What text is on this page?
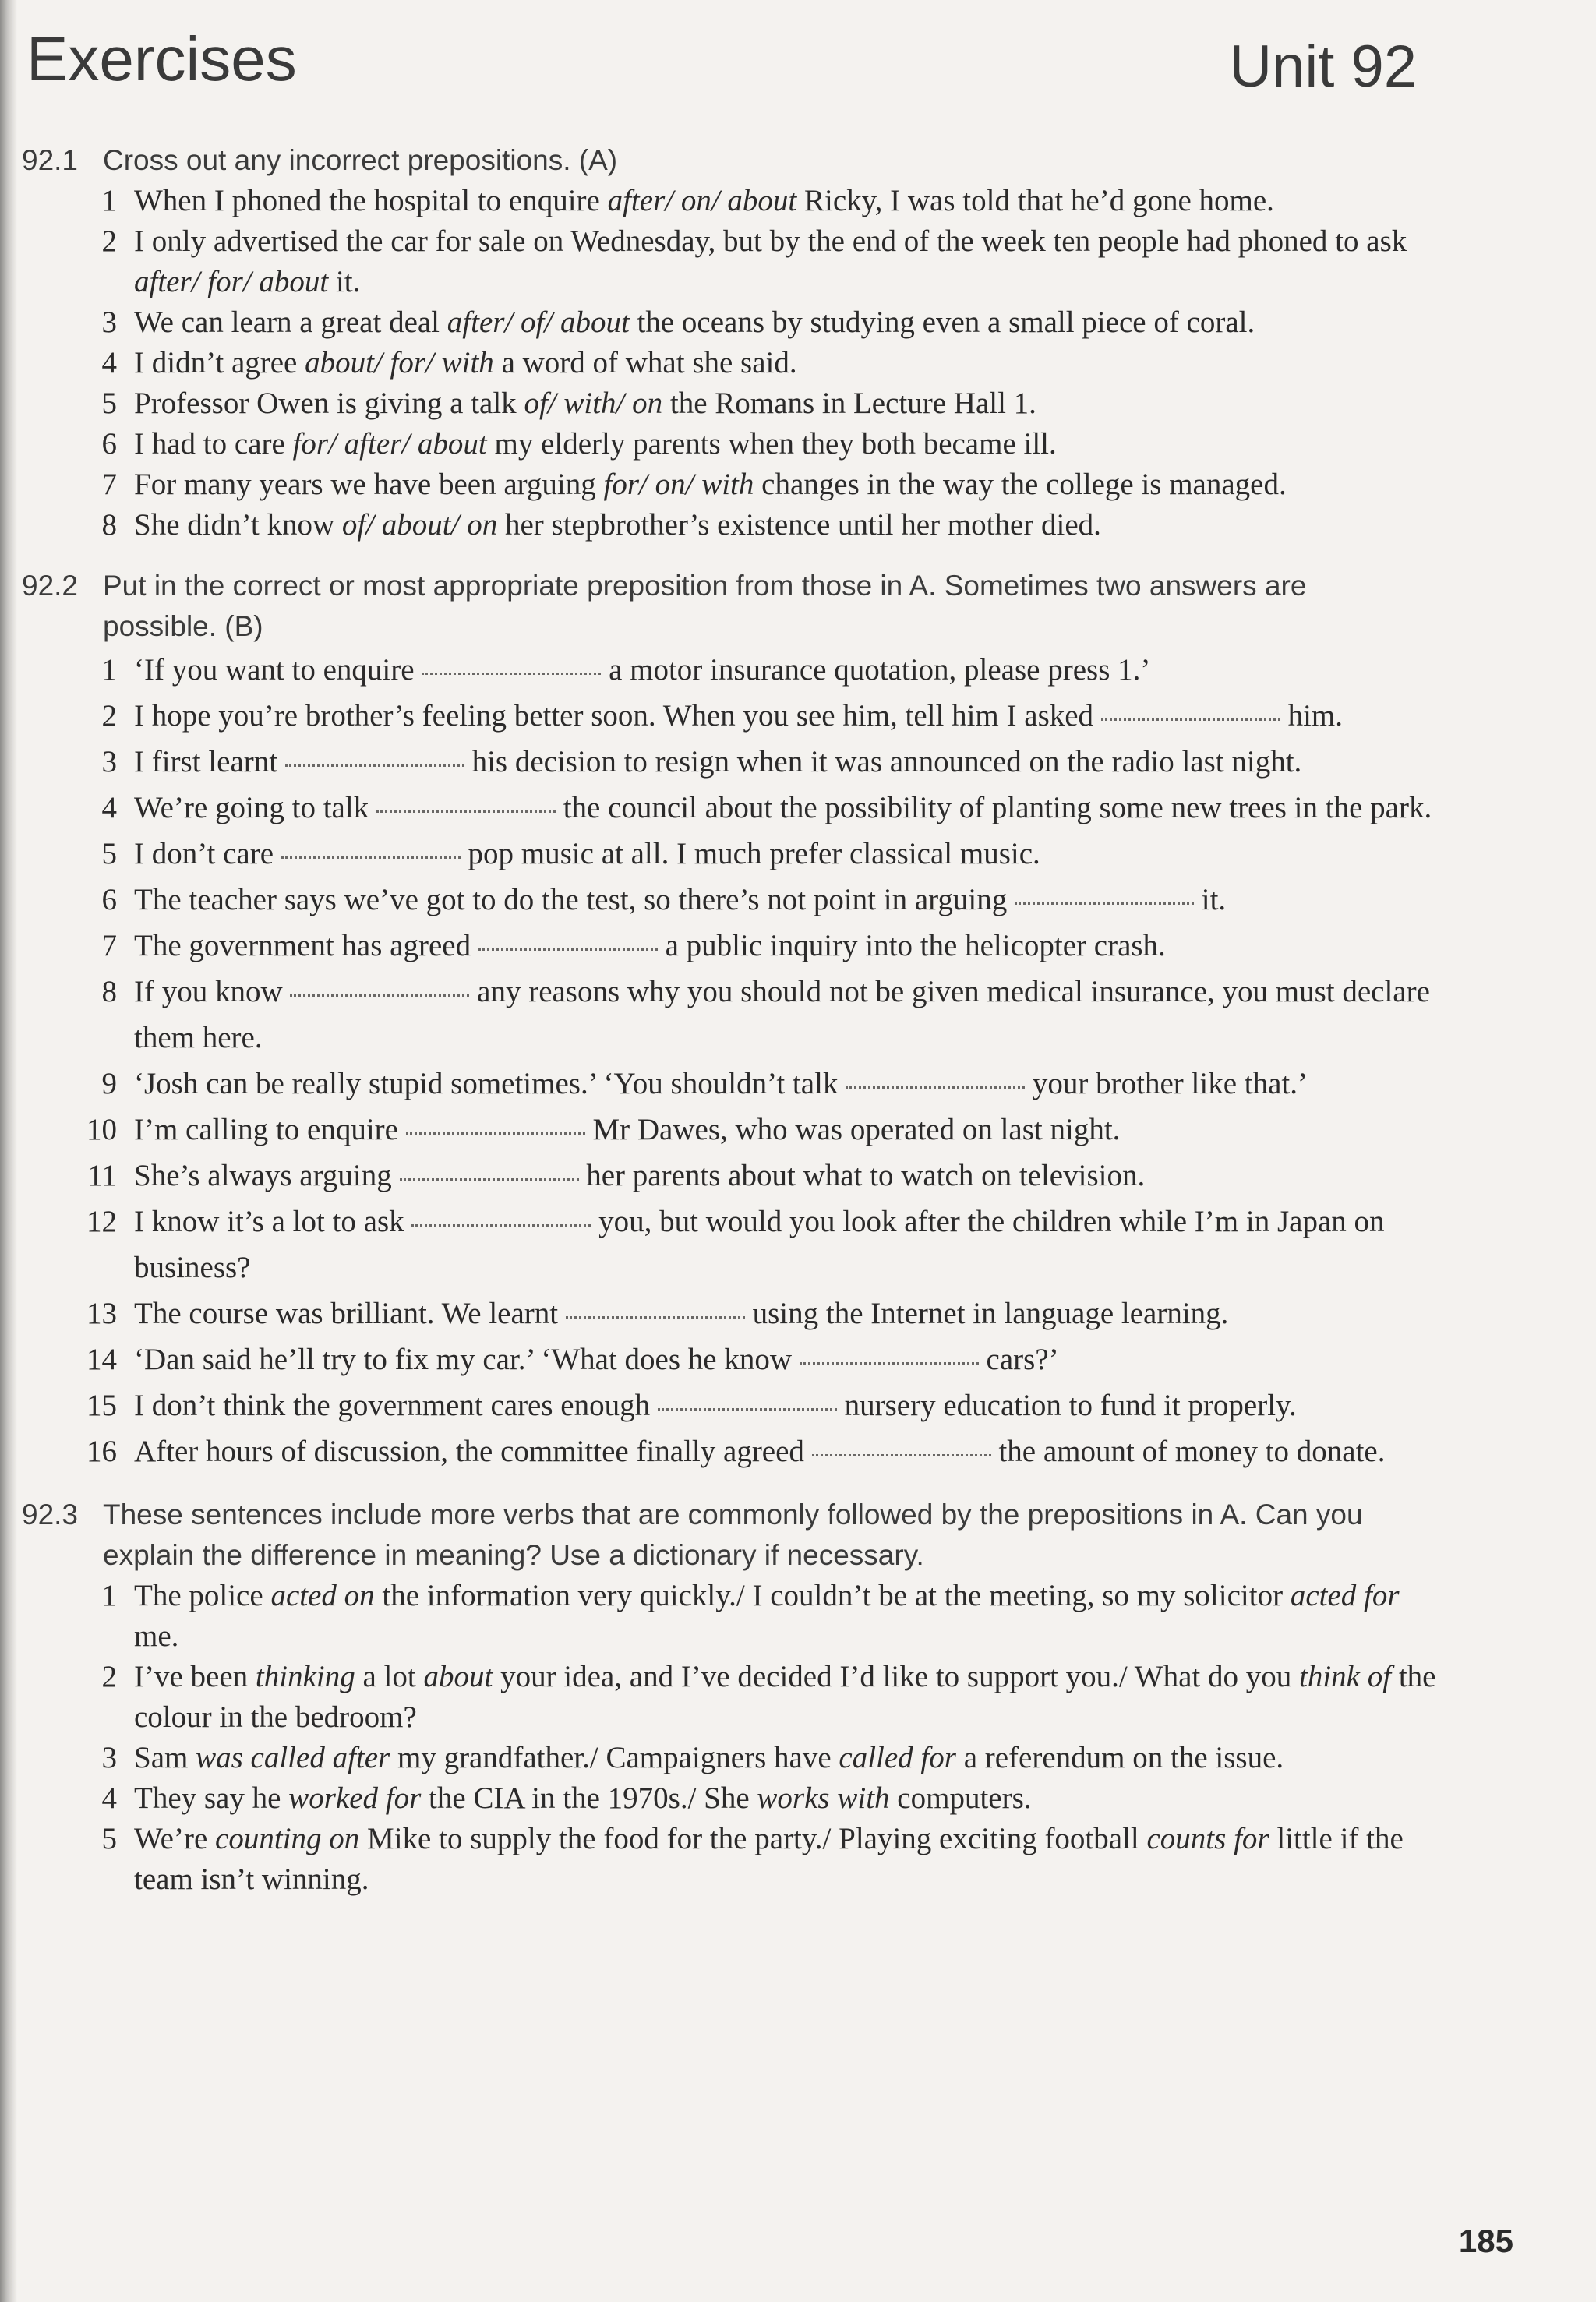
Exercises	Unit 92
92.1 Cross out any incorrect prepositions. (A)
1 When I phoned the hospital to enquire after/ on/ about Ricky, I was told that he’d gone home.
2 I only advertised the car for sale on Wednesday, but by the end of the week ten people had phoned to ask after/ for/ about it.
3 We can learn a great deal after/ of/ about the oceans by studying even a small piece of coral.
4 I didn’t agree about/ for/ with a word of what she said.
5 Professor Owen is giving a talk of/ with/ on the Romans in Lecture Hall 1.
6 I had to care for/ after/ about my elderly parents when they both became ill.
7 For many years we have been arguing for/ on/ with changes in the way the college is managed.
8 She didn’t know of/ about/ on her stepbrother’s existence until her mother died.
92.2 Put in the correct or most appropriate preposition from those in A. Sometimes two answers are possible. (B)
1 ‘If you want to enquire	a motor insurance quotation, please press 1.’
2 I hope you’re brother’s feeling better soon. When you see him, tell him I asked	him.
3 I first learnt	his decision to resign when it was announced on the radio last night.
4 We’re going to talk	the council about the possibility of planting some new trees in the park.
5 I don’t care	pop music at all. I much prefer classical music.
6 The teacher says we’ve got to do the test, so there’s not point in arguing	it.
7 The government has agreed	a public inquiry into the helicopter crash.
8 If you know	any reasons why you should not be given medical insurance, you must declare them here.
9 ‘Josh can be really stupid sometimes.’ ‘You shouldn’t talk	your brother like that.’
10 I’m calling to enquire	Mr Dawes, who was operated on last night.
11 She’s always arguing	her parents about what to watch on television.
12 I know it’s a lot to ask	you, but would you look after the children while I’m in Japan on business?
13 The course was brilliant. We learnt	using the Internet in language learning.
14 ‘Dan said he’ll try to fix my car.’ ‘What does he know	cars?’
15 I don’t think the government cares enough	nursery education to fund it properly.
16 After hours of discussion, the committee finally agreed	the amount of money to donate.
92.3 These sentences include more verbs that are commonly followed by the prepositions in A. Can you explain the difference in meaning? Use a dictionary if necessary.
1 The police acted on the information very quickly./ I couldn’t be at the meeting, so my solicitor acted for me.
2 I’ve been thinking a lot about your idea, and I’ve decided I’d like to support you./ What do you think of the colour in the bedroom?
3 Sam was called after my grandfather./ Campaigners have called for a referendum on the issue.
4 They say he worked for the CIA in the 1970s./ She works with computers.
5 We’re counting on Mike to supply the food for the party./ Playing exciting football counts for little if the team isn’t winning.
185
